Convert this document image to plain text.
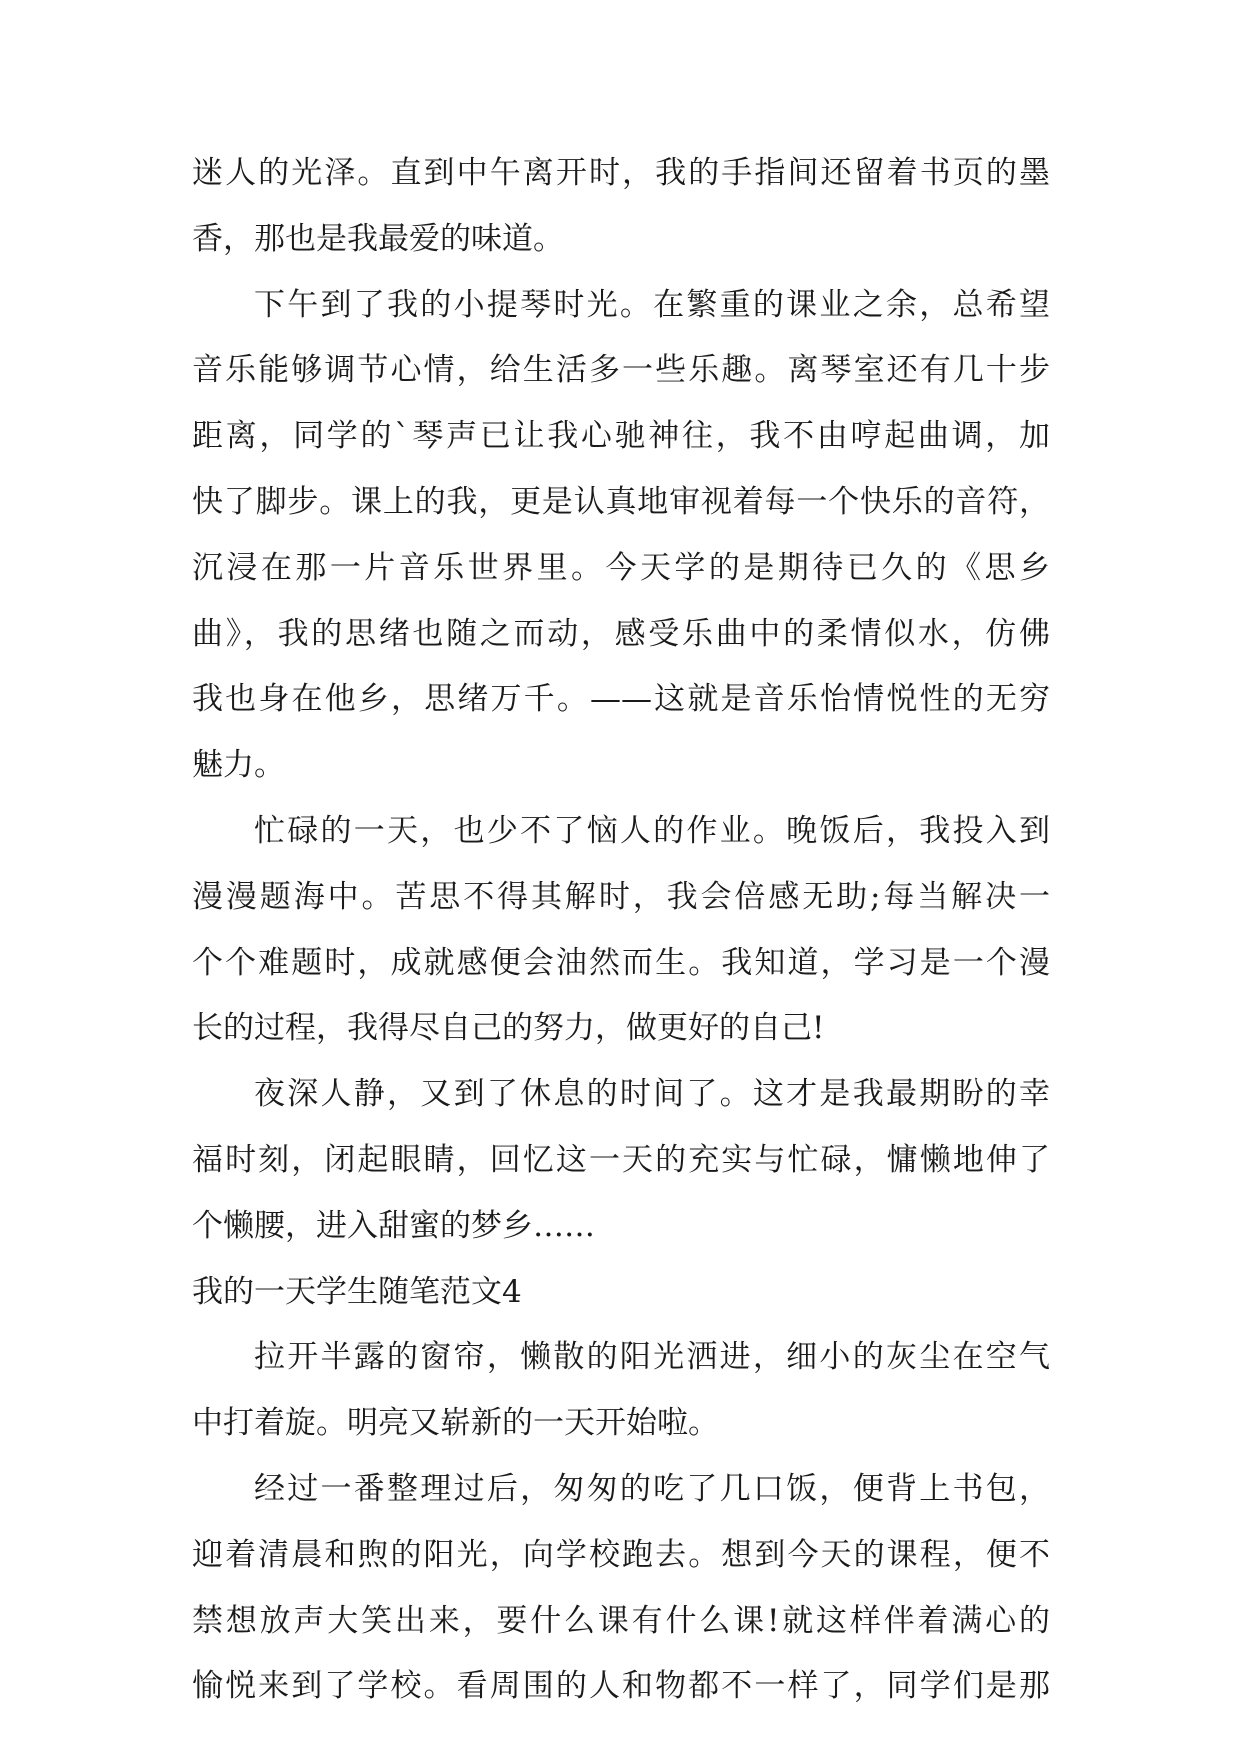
迷人的光泽。直到中午离开时，我的手指间还留着书页的墨
香，那也是我最爱的味道。
下午到了我的小提琴时光。在繁重的课业之余，总希望
音乐能够调节心情，给生活多一些乐趣。离琴室还有几十步
距离，同学的`琴声已让我心驰神往，我不由哼起曲调，加
快了脚步。课上的我，更是认真地审视着每一个快乐的音符，
沉浸在那一片音乐世界里。今天学的是期待已久的《思乡
曲》，我的思绪也随之而动，感受乐曲中的柔情似水，仿佛
我也身在他乡，思绪万千。——这就是音乐怡情悦性的无穷
魅力。
忙碌的一天，也少不了恼人的作业。晚饭后，我投入到
漫漫题海中。苦思不得其解时，我会倍感无助;每当解决一
个个难题时，成就感便会油然而生。我知道，学习是一个漫
长的过程，我得尽自己的努力，做更好的自己!
夜深人静，又到了休息的时间了。这才是我最期盼的幸
福时刻，闭起眼睛，回忆这一天的充实与忙碌，慵懒地伸了
个懒腰，进入甜蜜的梦乡……
我的一天学生随笔范文4
拉开半露的窗帘，懒散的阳光洒进，细小的灰尘在空气
中打着旋。明亮又崭新的一天开始啦。
经过一番整理过后，匆匆的吃了几口饭，便背上书包，
迎着清晨和煦的阳光，向学校跑去。想到今天的课程，便不
禁想放声大笑出来，要什么课有什么课!就这样伴着满心的
愉悦来到了学校。看周围的人和物都不一样了，同学们是那
